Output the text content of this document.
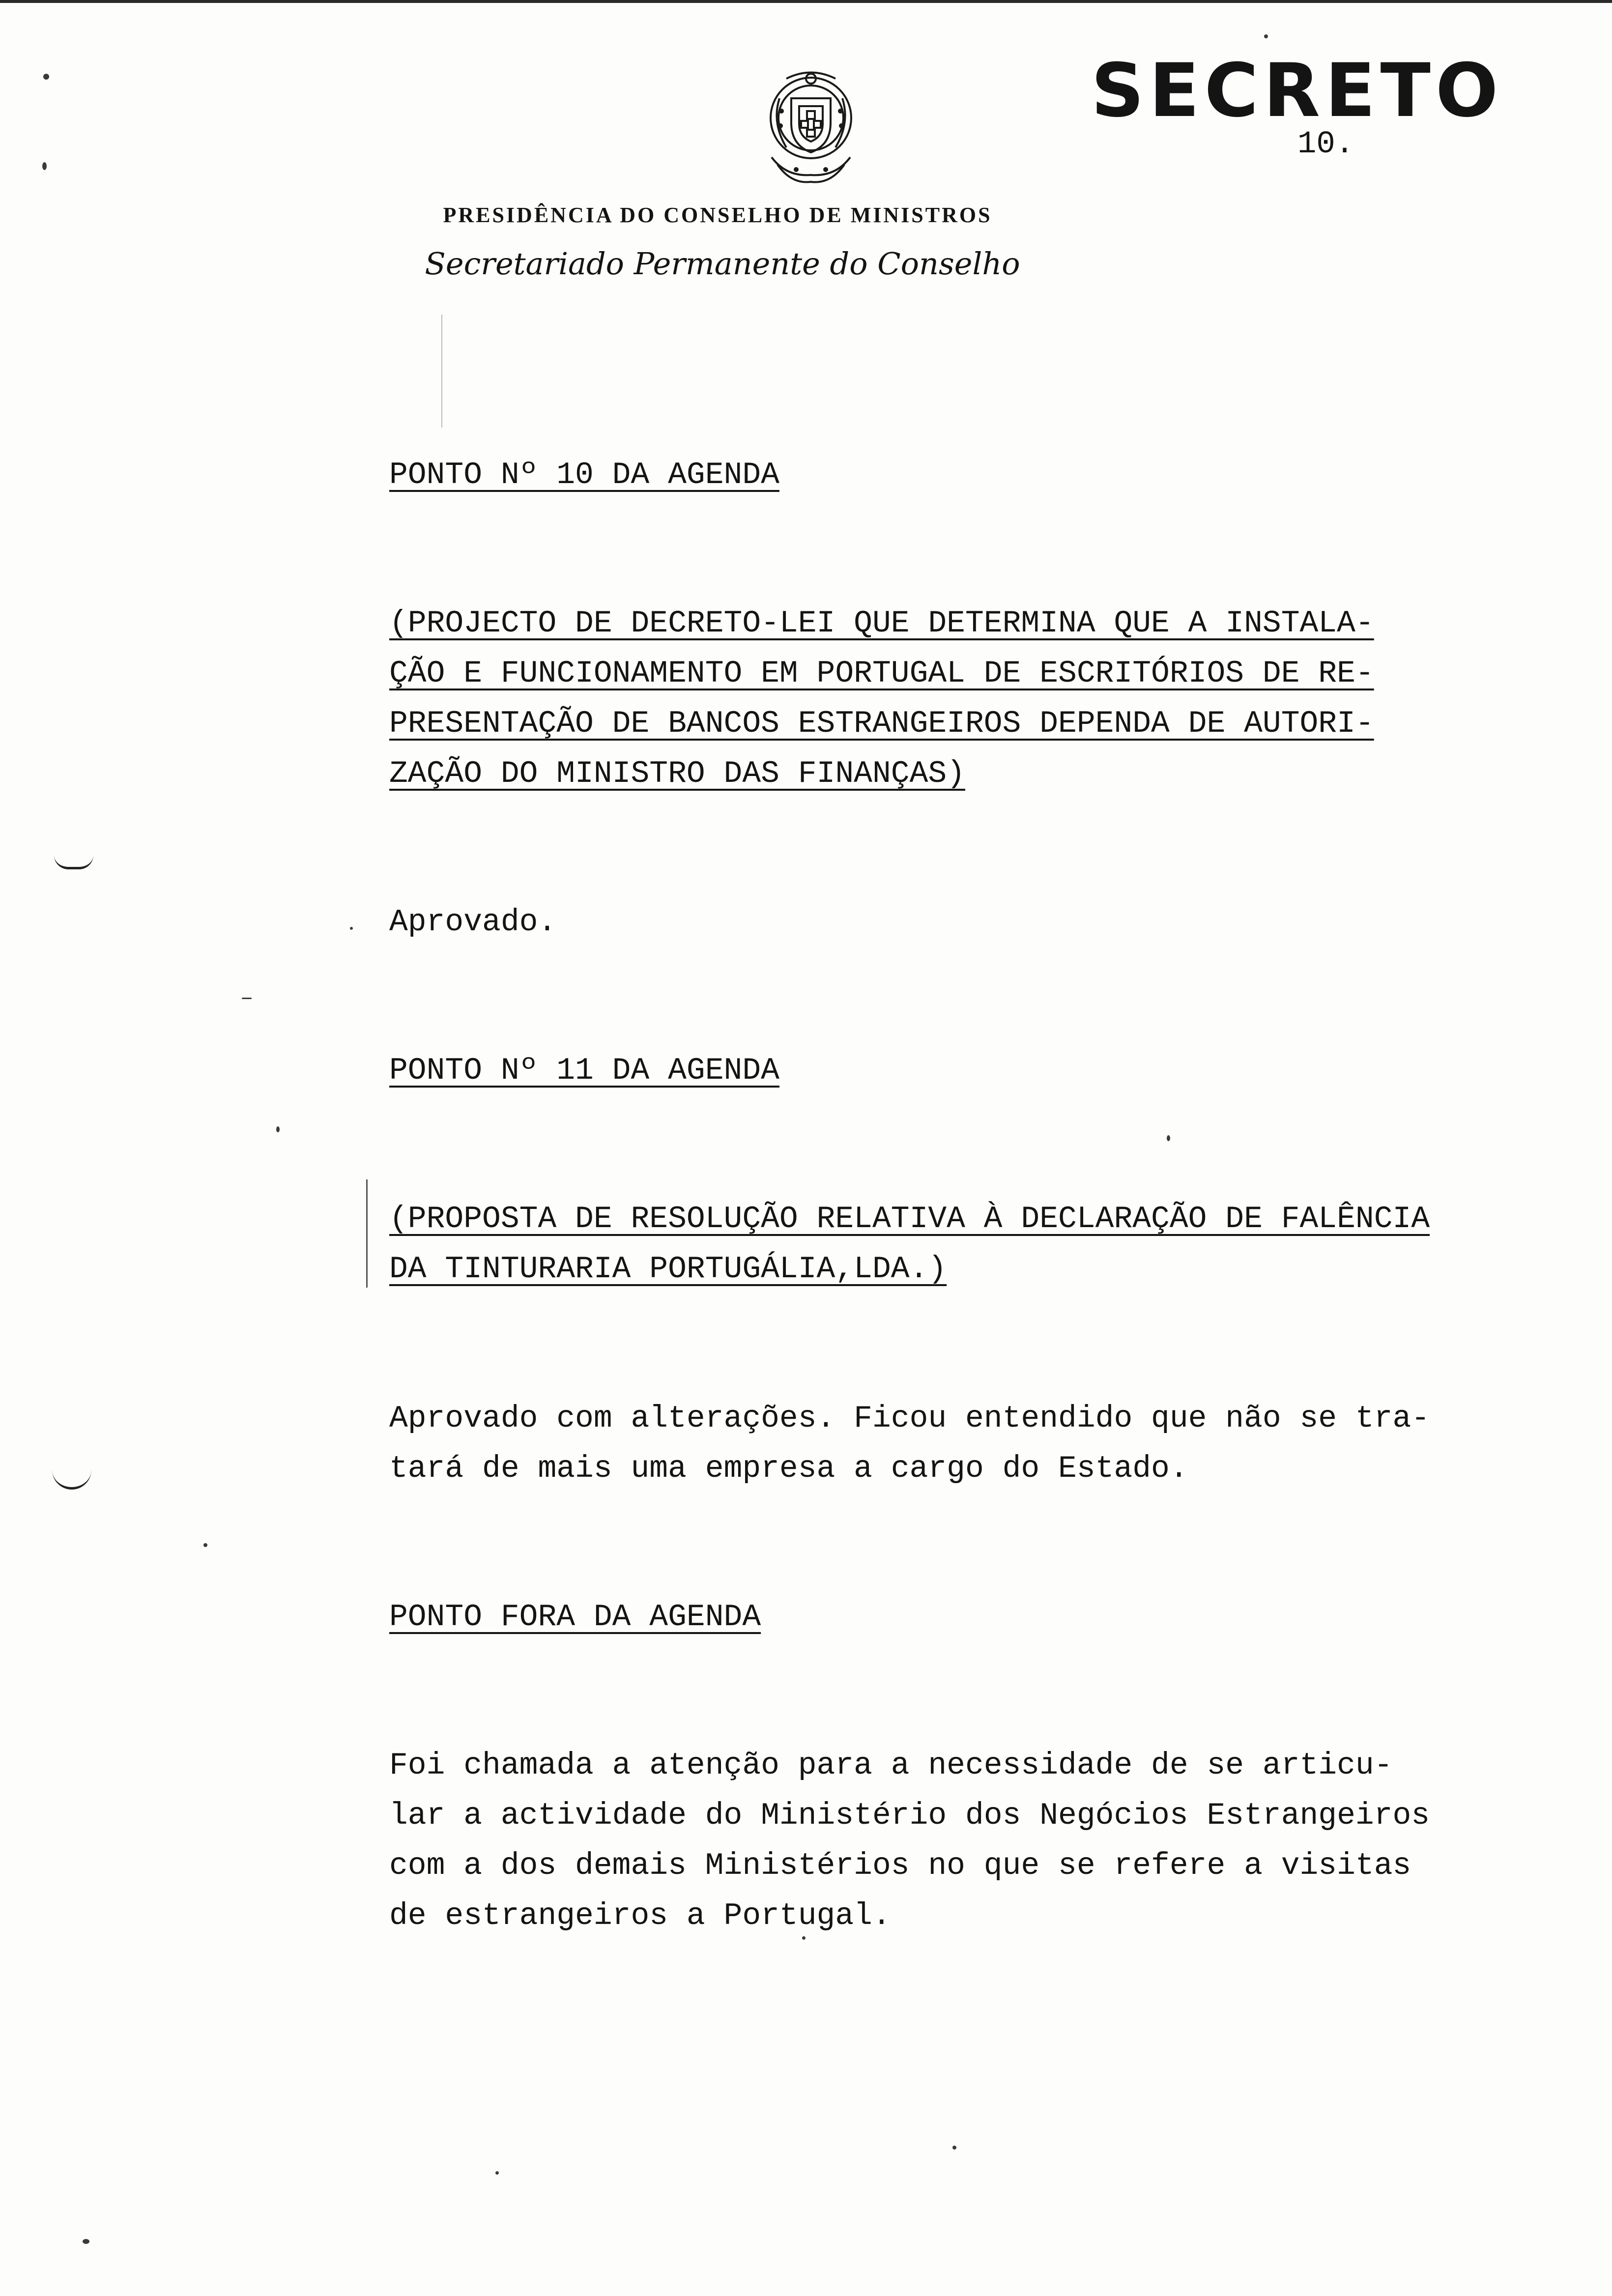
SECRETO
10.
PRESIDÊNCIA DO CONSELHO DE MINISTROS
Secretariado Permanente do Conselho
PONTO Nº 10 DA AGENDA
(PROJECTO DE DECRETO-LEI QUE DETERMINA QUE A INSTALA-
ÇÃO E FUNCIONAMENTO EM PORTUGAL DE ESCRITÓRIOS DE RE-
PRESENTAÇÃO DE BANCOS ESTRANGEIROS DEPENDA DE AUTORI-
ZAÇÃO DO MINISTRO DAS FINANÇAS)
Aprovado.
PONTO Nº 11 DA AGENDA
(PROPOSTA DE RESOLUÇÃO RELATIVA À DECLARAÇÃO DE FALÊNCIA
DA TINTURARIA PORTUGÁLIA,LDA.)
Aprovado com alterações. Ficou entendido que não se tra-
tará de mais uma empresa a cargo do Estado.
PONTO FORA DA AGENDA
Foi chamada a atenção para a necessidade de se articu-
lar a actividade do Ministério dos Negócios Estrangeiros
com a dos demais Ministérios no que se refere a visitas
de estrangeiros a Portugal.
